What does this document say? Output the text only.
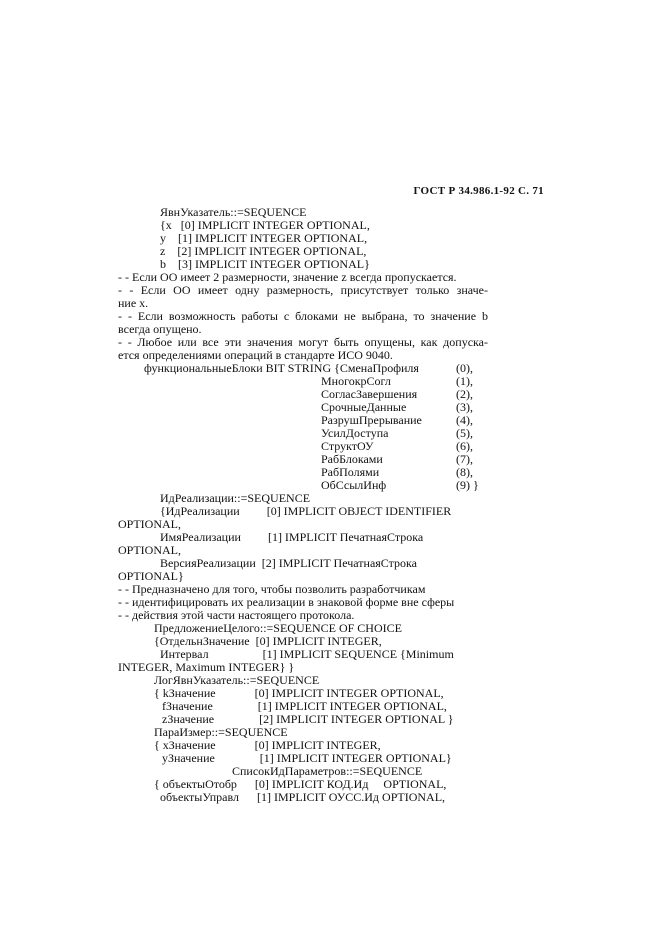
ГОСТ Р 34.986.1-92 С. 71
ЯвнУказатель::=SEQUENCE
{x   [0] IMPLICIT INTEGER OPTIONAL,
y    [1] IMPLICIT INTEGER OPTIONAL,
z    [2] IMPLICIT INTEGER OPTIONAL,
b    [3] IMPLICIT INTEGER OPTIONAL}
- - Если ОО имеет 2 размерности, значение z всегда пропускается.
- - Если ОО имеет одну размерность, присутствует только значе-
ние х.
- - Если возможность работы с блоками не выбрана, то значение b
всегда опущено.
- - Любое или все эти значения могут быть опущены, как допуска-
ется определениями операций в стандарте ИСО 9040.
функциональныеБлоки BIT STRING {СменаПрофиля	(0),
МногокрСогл	(1),
СогласЗавершения	(2),
СрочныеДанные	(3),
РазрушПрерывание	(4),
УсилДоступа	(5),
СтруктОУ	(6),
РабБлоками	(7),
РабПолями	(8),
ОбСсылИнф	(9) }
ИдРеализации::=SEQUENCE
{ИдРеализации         [0] IMPLICIT OBJECT IDENTIFIER
OPTIONAL,
ИмяРеализации         [1] IMPLICIT ПечатнаяСтрока
OPTIONAL,
ВерсияРеализации  [2] IMPLICIT ПечатнаяСтрока
OPTIONAL}
- - Предназначено для того, чтобы позволить разработчикам
- - идентифицировать их реализации в знаковой форме вне сферы
- - действия этой части настоящего протокола.
ПредложениеЦелого::=SEQUENCE OF CHOICE
{ОтдельнЗначение  [0] IMPLICIT INTEGER,
Интервал                  [1] IMPLICIT SEQUENCE {Minimum
INTEGER, Maximum INTEGER} }
ЛогЯвнУказатель::=SEQUENCE
{ kЗначение             [0] IMPLICIT INTEGER OPTIONAL,
fЗначение               [1] IMPLICIT INTEGER OPTIONAL,
zЗначение               [2] IMPLICIT INTEGER OPTIONAL }
ПараИзмер::=SEQUENCE
{ xЗначение             [0] IMPLICIT INTEGER,
yЗначение               [1] IMPLICIT INTEGER OPTIONAL}
СписокИдПараметров::=SEQUENCE
{ объектыОтобр      [0] IMPLICIT КОД.Ид     OPTIONAL,
объектыУправл      [1] IMPLICIT ОУСС.Ид OPTIONAL,
